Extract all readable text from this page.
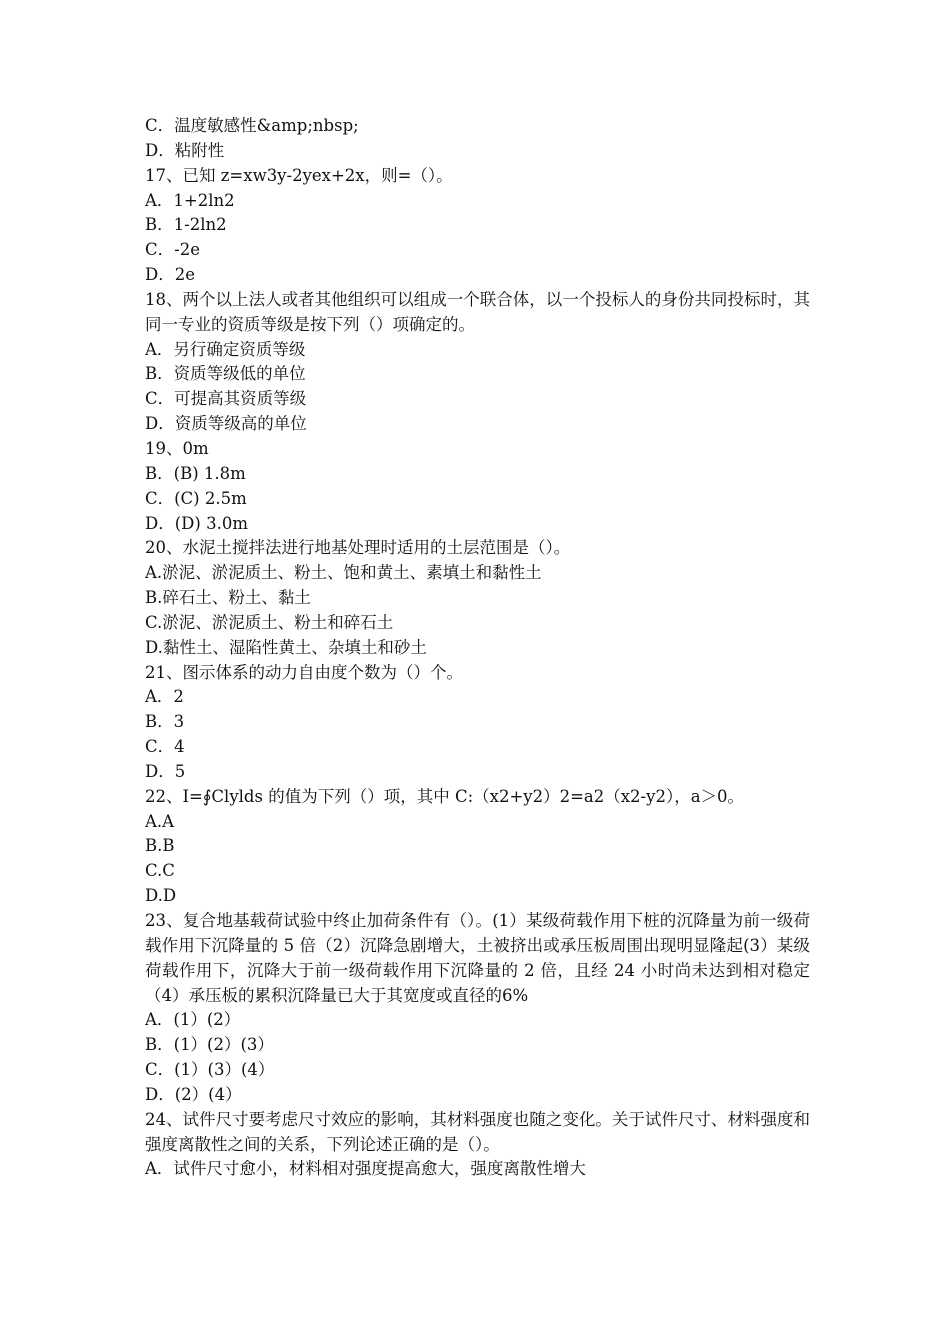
C．温度敏感性&amp;nbsp;
D．粘附性
17、已知 z=xw3y-2yex+2x，则=（）。
A．1+2ln2
B．1-2ln2
C．-2e
D．2e
18、两个以上法人或者其他组织可以组成一个联合体，以一个投标人的身份共同投标时，其同一专业的资质等级是按下列（）项确定的。
A．另行确定资质等级
B．资质等级低的单位
C．可提高其资质等级
D．资质等级高的单位
19、0m
B．(B) 1.8m
C．(C) 2.5m
D．(D) 3.0m
20、水泥土搅拌法进行地基处理时适用的土层范围是（）。
A.淤泥、淤泥质土、粉土、饱和黄土、素填土和黏性土
B.碎石土、粉土、黏土
C.淤泥、淤泥质土、粉土和碎石土
D.黏性土、湿陷性黄土、杂填土和砂土
21、图示体系的动力自由度个数为（）个。
A．2
B．3
C．4
D．5
22、I=∮Clylds 的值为下列（）项，其中 C:（x2+y2）2=a2（x2-y2），a＞0。
A.A
B.B
C.C
D.D
23、复合地基载荷试验中终止加荷条件有（）。(1）某级荷载作用下桩的沉降量为前一级荷载作用下沉降量的 5 倍（2）沉降急剧增大，土被挤出或承压板周围出现明显隆起(3）某级荷载作用下，沉降大于前一级荷载作用下沉降量的 2 倍，且经 24 小时尚未达到相对稳定（4）承压板的累积沉降量已大于其宽度或直径的6%
A．(1）(2）
B．(1）(2）(3）
C．(1）(3）(4）
D．(2）(4）
24、试件尺寸要考虑尺寸效应的影响，其材料强度也随之变化。关于试件尺寸、材料强度和强度离散性之间的关系，下列论述正确的是（）。
A．试件尺寸愈小，材料相对强度提高愈大，强度离散性增大
